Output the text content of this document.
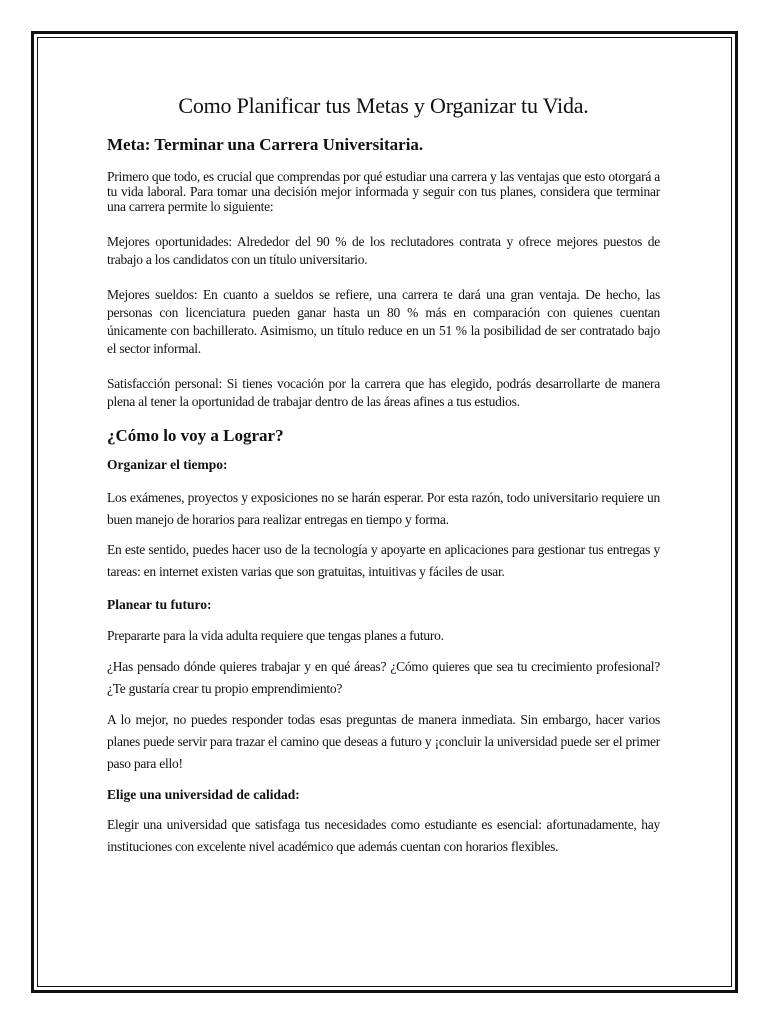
Como Planificar tus Metas y Organizar tu Vida.
Meta: Terminar una Carrera Universitaria.

Primero que todo, es crucial que comprendas por qué estudiar una carrera y las ventajas que esto otorgará a tu vida laboral. Para tomar una decisión mejor informada y seguir con tus planes, considera que terminar una carrera permite lo siguiente:

Mejores oportunidades: Alrededor del 90 % de los reclutadores contrata y ofrece mejores puestos de trabajo a los candidatos con un título universitario.

Mejores sueldos: En cuanto a sueldos se refiere, una carrera te dará una gran ventaja. De hecho, las personas con licenciatura pueden ganar hasta un 80 % más en comparación con quienes cuentan únicamente con bachillerato. Asimismo, un título reduce en un 51 % la posibilidad de ser contratado bajo el sector informal.

Satisfacción personal: Si tienes vocación por la carrera que has elegido, podrás desarrollarte de manera plena al tener la oportunidad de trabajar dentro de las áreas afines a tus estudios.

¿Cómo lo voy a Lograr?
Organizar el tiempo:

Los exámenes, proyectos y exposiciones no se harán esperar. Por esta razón, todo universitario requiere un buen manejo de horarios para realizar entregas en tiempo y forma.

En este sentido, puedes hacer uso de la tecnología y apoyarte en aplicaciones para gestionar tus entregas y tareas: en internet existen varias que son gratuitas, intuitivas y fáciles de usar.

Planear tu futuro:

Prepararte para la vida adulta requiere que tengas planes a futuro.

¿Has pensado dónde quieres trabajar y en qué áreas? ¿Cómo quieres que sea tu crecimiento profesional? ¿Te gustaría crear tu propio emprendimiento?

A lo mejor, no puedes responder todas esas preguntas de manera inmediata. Sin embargo, hacer varios planes puede servir para trazar el camino que deseas a futuro y ¡concluir la universidad puede ser el primer paso para ello!

Elige una universidad de calidad:

Elegir una universidad que satisfaga tus necesidades como estudiante es esencial: afortunadamente, hay instituciones con excelente nivel académico que además cuentan con horarios flexibles.
